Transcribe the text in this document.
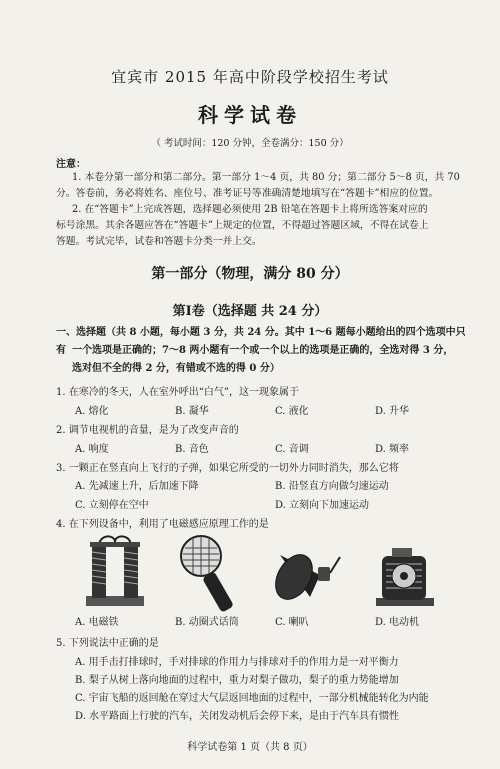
宜宾市 2015 年高中阶段学校招生考试
科学试卷
（ 考试时间：120 分钟，全卷满分：150 分）
注意：
1. 本卷分第一部分和第二部分。第一部分 1～4 页，共 80 分；第二部分 5～8 页，共 70
分。答卷前，务必将姓名、座位号、准考证号等准确清楚地填写在“答题卡”相应的位置。
2. 在“答题卡”上完成答题，选择题必须使用 2B 铅笔在答题卡上将所选答案对应的
标号涂黑。其余各题应答在“答题卡”上规定的位置，不得超过答题区域，不得在试卷上
答题。考试完毕，试卷和答题卡分类一并上交。
第一部分（物理，满分 80 分）
第Ⅰ卷（选择题 共 24 分）
一、选择题（共 8 小题，每小题 3 分，共 24 分。其中 1～6 题每小题给出的四个选项中只有 一个选项是正确的；7～8 两小题有一个或一个以上的选项是正确的，全选对得 3 分，
选对但不全的得 2 分，有错或不选的得 0 分）
1. 在寒冷的冬天，人在室外呼出“白气”，这一现象属于
A. 熔化	B. 凝华	C. 液化	D. 升华
2. 调节电视机的音量，是为了改变声音的
A. 响度	B. 音色	C. 音调	D. 频率
3. 一颗正在竖直向上飞行的子弹，如果它所受的一切外力同时消失，那么它将
A. 先减速上升，后加速下降	B. 沿竖直方向做匀速运动
C. 立刻停在空中	D. 立刻向下加速运动
4. 在下列设备中，利用了电磁感应原理工作的是
A. 电磁铁	B. 动圈式话筒	C. 喇叭	D. 电动机
5. 下列说法中正确的是
A. 用手击打排球时，手对排球的作用力与排球对手的作用力是一对平衡力
B. 梨子从树上落向地面的过程中，重力对梨子做功，梨子的重力势能增加
C. 宇宙飞船的返回舱在穿过大气层返回地面的过程中，一部分机械能转化为内能
D. 水平路面上行驶的汽车，关闭发动机后会停下来，是由于汽车具有惯性
科学试卷第 1 页（共 8 页）
